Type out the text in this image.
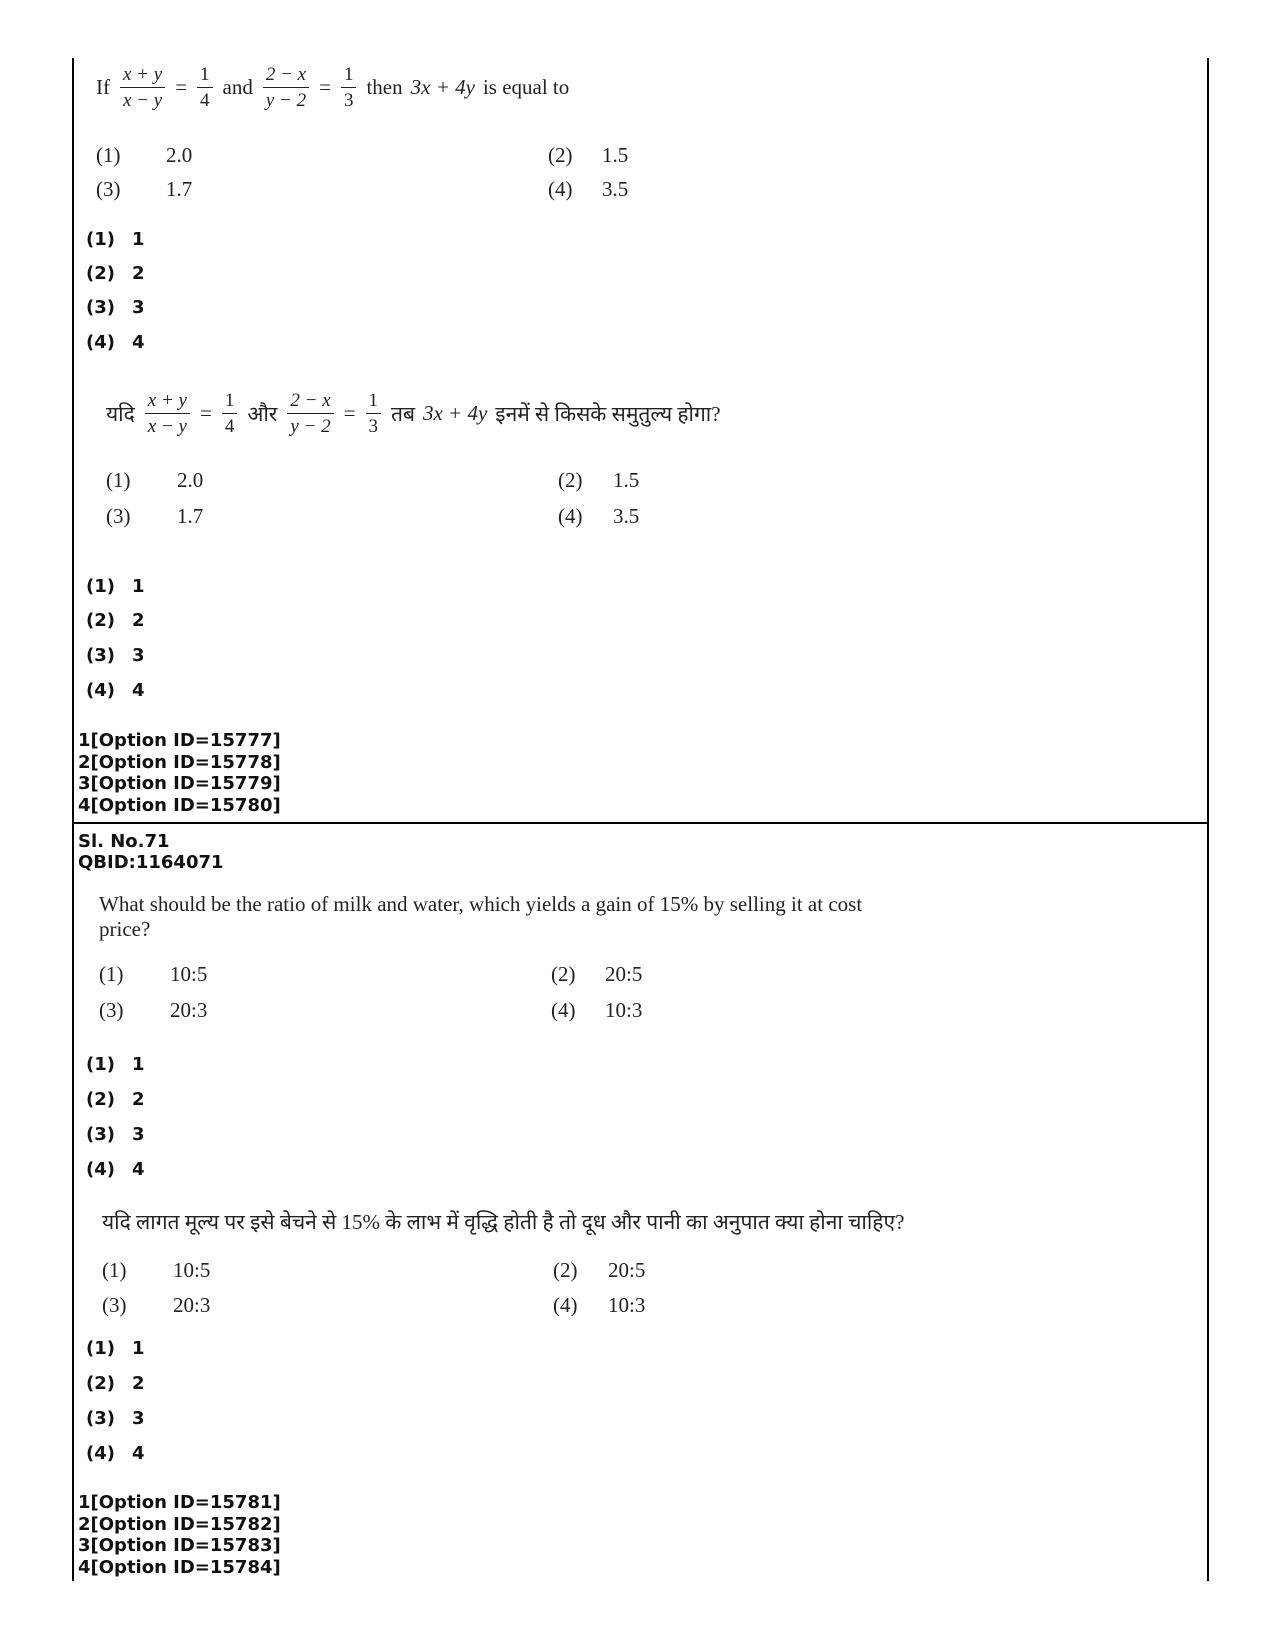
If $\frac{x + y}{x - y} = \frac{1}{4}$ and $\frac{2 - x}{y - 2} = \frac{1}{3}$ then 3x + 4y is equal to
(1)	2.0	(2)	1.5
(3)	1.7	(4)	3.5
(1) 1
(2) 2
(3) 3
(4) 4
यदि $\frac{x + y}{x - y} = \frac{1}{4}$ और $\frac{2 - x}{y - 2} = \frac{1}{3}$ तब 3x + 4y इनमें से किसके समुतुल्य होगा?
(1)	2.0	(2)	1.5
(3)	1.7	(4)	3.5
(1) 1
(2) 2
(3) 3
(4) 4
1[Option ID=15777]
2[Option ID=15778]
3[Option ID=15779]
4[Option ID=15780]
Sl. No.71
QBID:1164071
What should be the ratio of milk and water, which yields a gain of 15% by selling it at cost
price?
(1)	10:5	(2)	20:5
(3)	20:3	(4)	10:3
(1) 1
(2) 2
(3) 3
(4) 4
यदि लागत मूल्य पर इसे बेचने से 15% के लाभ में वृद्धि होती है तो दूध और पानी का अनुपात क्या होना चाहिए?
(1)	10:5	(2)	20:5
(3)	20:3	(4)	10:3
(1) 1
(2) 2
(3) 3
(4) 4
1[Option ID=15781]
2[Option ID=15782]
3[Option ID=15783]
4[Option ID=15784]
